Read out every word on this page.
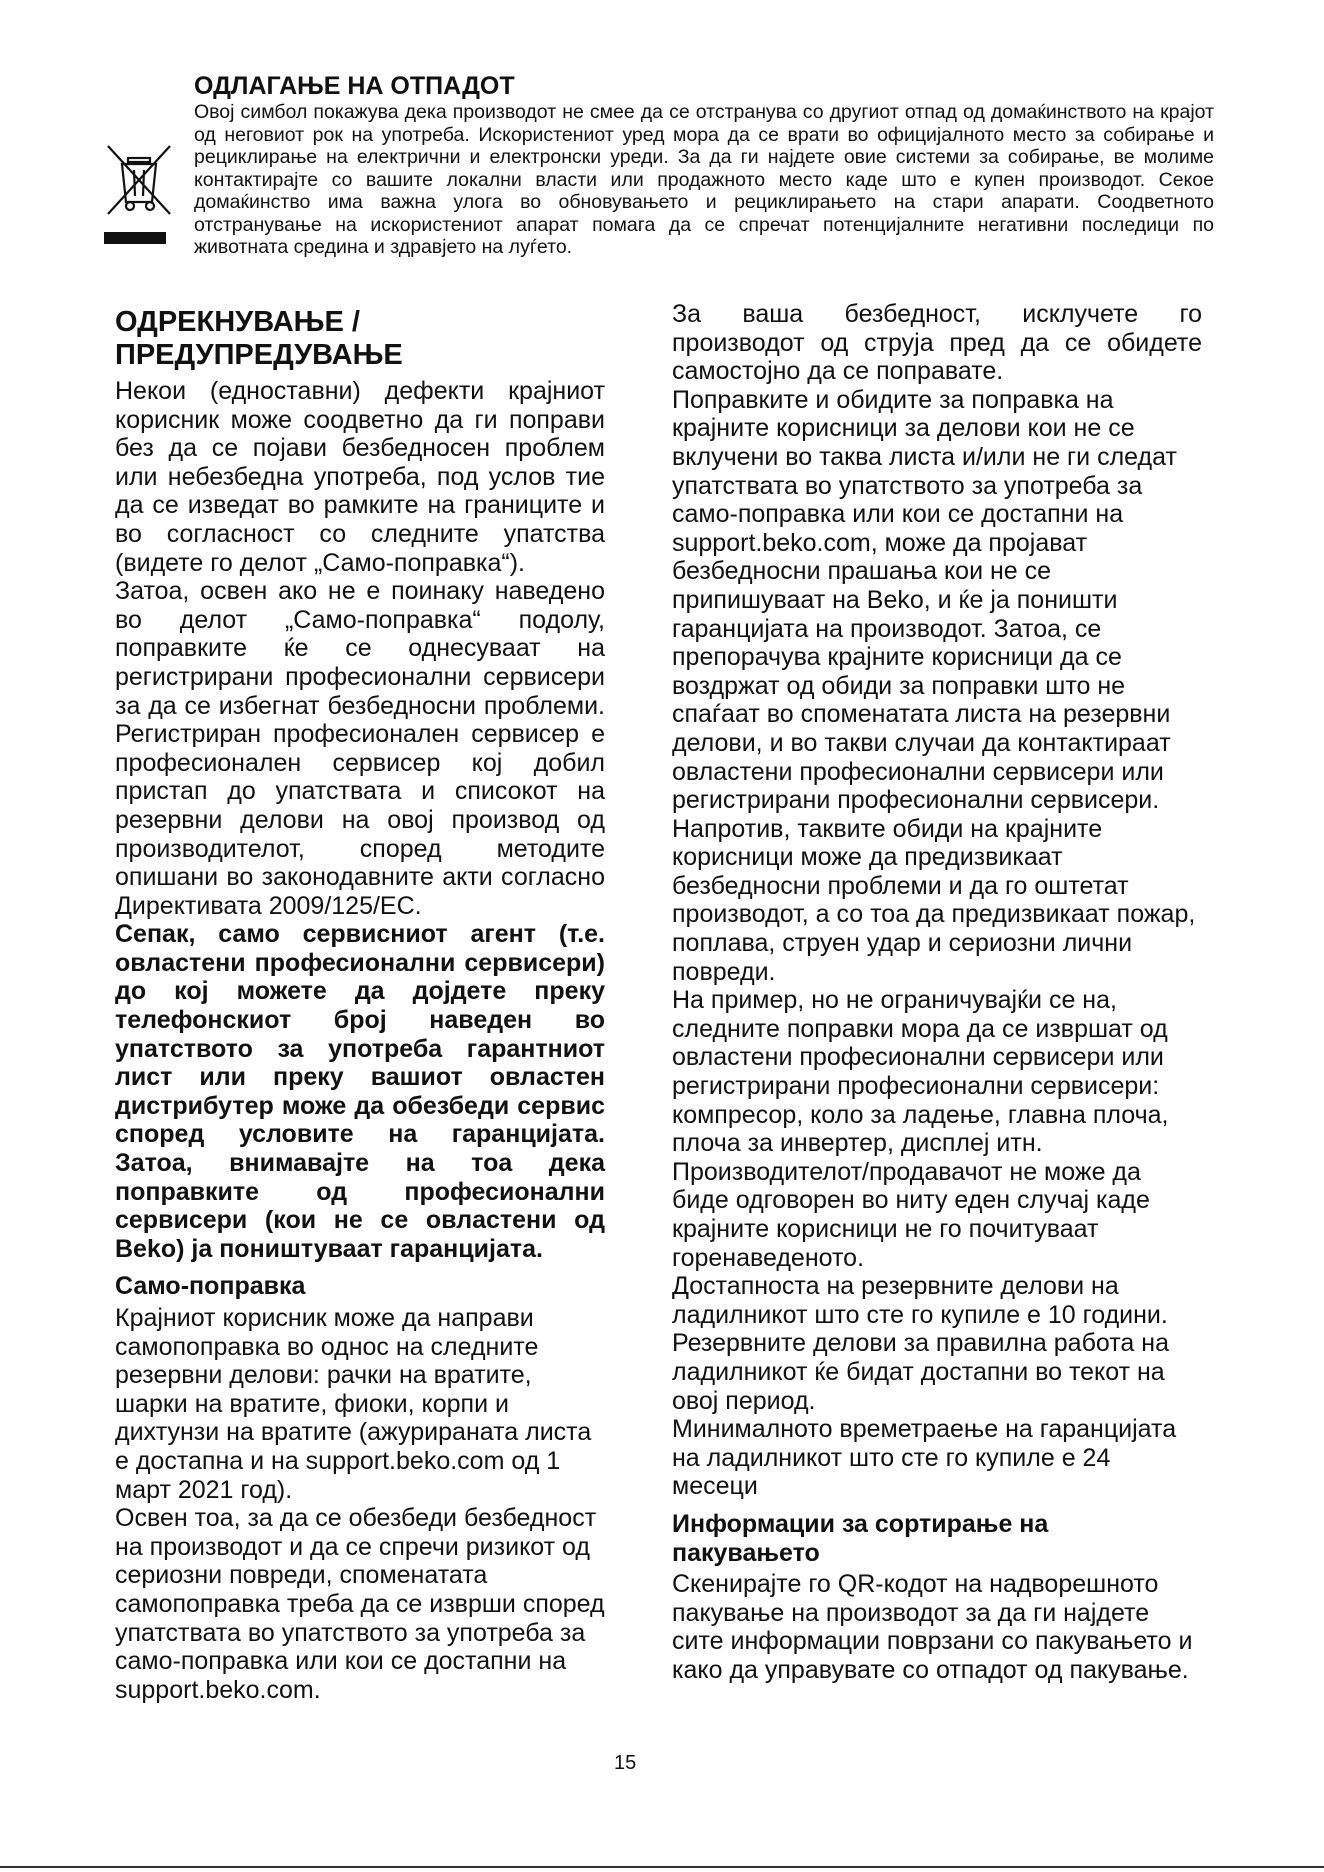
ОДЛАГАЊЕ НА ОТПАДОТ

Овој симбол покажува дека производот не смее да се отстранува со другиот отпад од домаќинството на крајот од неговиот рок на употреба. Искористениот уред мора да се врати во официјалното место за собирање и рециклирање на електрични и електронски уреди. За да ги најдете овие системи за собирање, ве молиме контактирајте со вашите локални власти или продажното место каде што е купен производот. Секое домаќинство има важна улога во обновувањето и рециклирањето на стари апарати. Соодветното отстранување на искористениот апарат помага да се спречат потенцијалните негативни последици по животната средина и здравјето на луѓето.

ОДРЕКНУВАЊЕ /
ПРЕДУПРЕДУВАЊЕ

Некои (едноставни) дефекти крајниот корисник може соодветно да ги поправи без да се појави безбедносен проблем или небезбедна употреба, под услов тие да се изведат во рамките на границите и во согласност со следните упатства (видете го делот „Само-поправка“).

Затоа, освен ако не е поинаку наведено во делот „Само-поправка“ подолу, поправките ќе се однесуваат на регистрирани професионални сервисери за да се избегнат безбедносни проблеми. Регистриран професионален сервисер е професионален сервисер кој добил пристап до упатствата и списокот на резервни делови на овој производ од производителот, според методите опишани во законодавните акти согласно Директивата 2009/125/ЕС.

Сепак, само сервисниот агент (т.е. овластени професионални сервисери) до кој можете да дојдете преку телефонскиот број наведен во упатството за употреба гарантниот лист или преку вашиот овластен дистрибутер може да обезбеди сервис според условите на гаранцијата. Затоа, внимавајте на тоа дека поправките од професионални сервисери (кои не се овластени од Beko) ја поништуваат гаранцијата.

Само-поправка

Крајниот корисник може да направи самопоправка во однос на следните резервни делови: рачки на вратите, шарки на вратите, фиоки, корпи и дихтунзи на вратите (ажурираната листа е достапна и на support.beko.com од 1 март 2021 год).

Освен тоа, за да се обезбеди безбедност на производот и да се спречи ризикот од сериозни повреди, споменатата самопоправка треба да се изврши според упатствата во упатството за употреба за само-поправка или кои се достапни на support.beko.com.

За ваша безбедност, исклучете го производот од струја пред да се обидете самостојно да се поправате.

Поправките и обидите за поправка на крајните корисници за делови кои не се вклучени во таква листа и/или не ги следат упатствата во упатството за употреба за само-поправка или кои се достапни на support.beko.com, може да пројават безбедносни прашања кои не се припишуваат на Beko, и ќе ја поништи гаранцијата на производот. Затоа, се препорачува крајните корисници да се воздржат од обиди за поправки што не спаѓаат во споменатата листа на резервни делови, и во такви случаи да контактираат овластени професионални сервисери или регистрирани професионални сервисери. Напротив, таквите обиди на крајните корисници може да предизвикаат безбедносни проблеми и да го оштетат производот, а со тоа да предизвикаат пожар, поплава, струен удар и сериозни лични повреди.

На пример, но не ограничувајќи се на, следните поправки мора да се извршат од овластени професионални сервисери или регистрирани професионални сервисери: компресор, коло за ладење, главна плоча, плоча за инвертер, дисплеј итн. Производителот/продавачот не може да биде одговорен во ниту еден случај каде крајните корисници не го почитуваат горенаведеното.

Достапноста на резервните делови на ладилникот што сте го купиле е 10 години. Резервните делови за правилна работа на ладилникот ќе бидат достапни во текот на овој период.

Минималното времетраење на гаранцијата на ладилникот што сте го купиле е 24 месеци

Информации за сортирање на пакувањето

Скенирајте го QR-кодот на надворешното пакување на производот за да ги најдете сите информации поврзани со пакувањето и како да управувате со отпадот од пакување.

15
